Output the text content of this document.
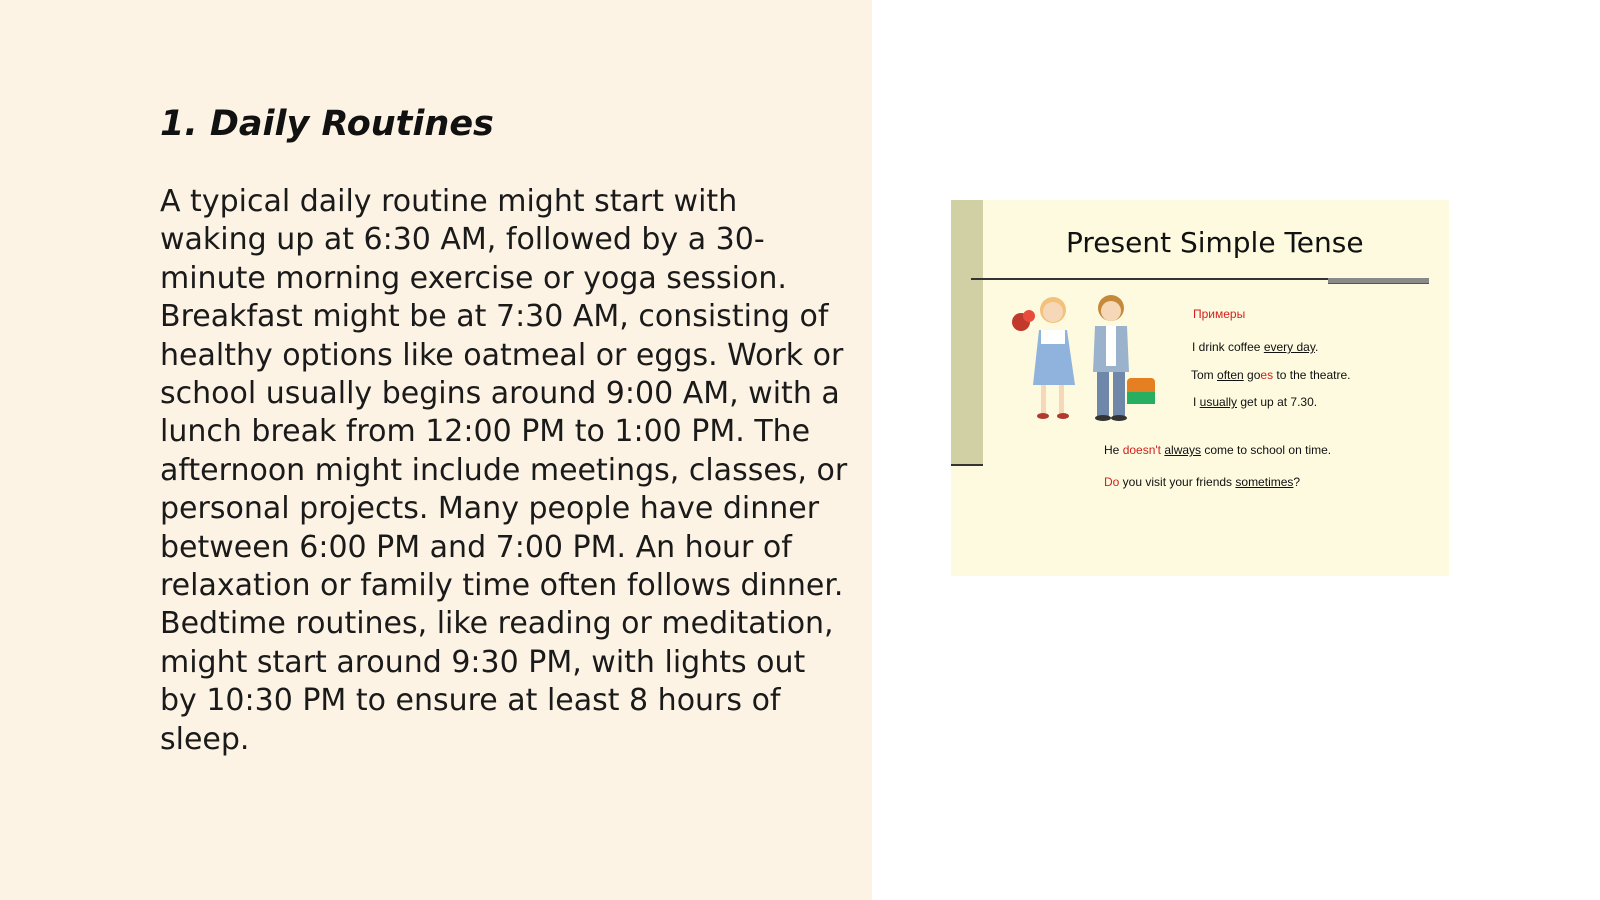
1. Daily Routines

A typical daily routine might start with waking up at 6:30 AM, followed by a 30-minute morning exercise or yoga session. Breakfast might be at 7:30 AM, consisting of healthy options like oatmeal or eggs. Work or school usually begins around 9:00 AM, with a lunch break from 12:00 PM to 1:00 PM. The afternoon might include meetings, classes, or personal projects. Many people have dinner between 6:00 PM and 7:00 PM. An hour of relaxation or family time often follows dinner. Bedtime routines, like reading or meditation, might start around 9:30 PM, with lights out by 10:30 PM to ensure at least 8 hours of sleep.

Present Simple Tense
Примеры
I drink coffee every day.
Tom often goes to the theatre.
I usually get up at 7.30.
He doesn't always come to school on time.
Do you visit your friends sometimes?
